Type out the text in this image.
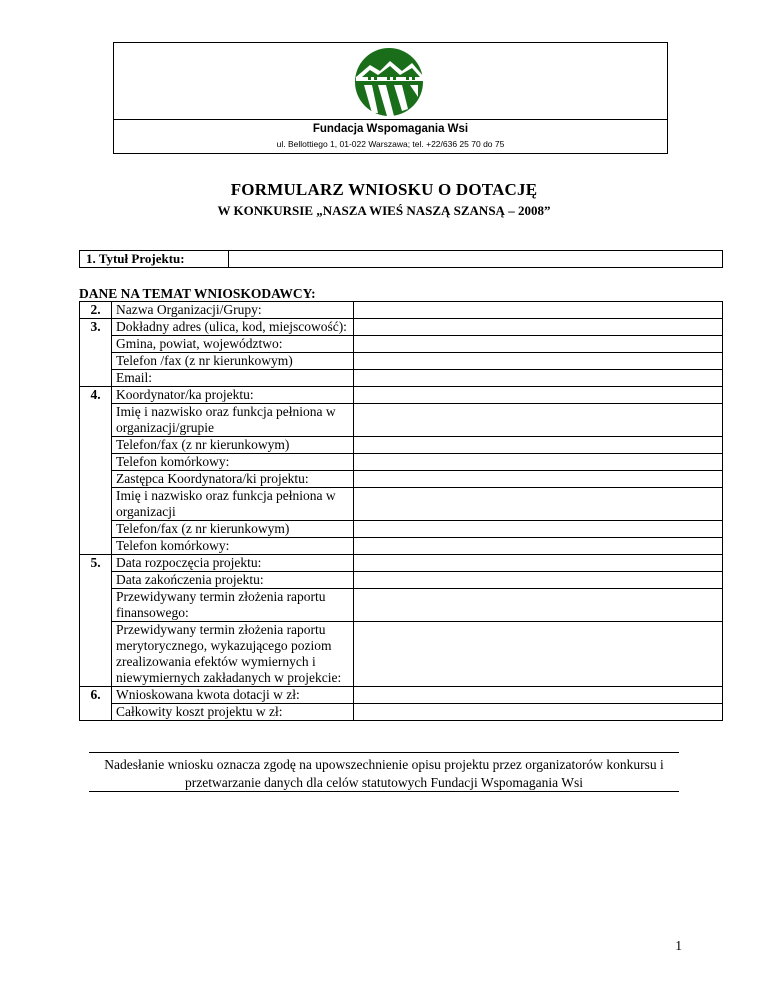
Fundacja Wspomagania Wsi
ul. Bellottiego 1, 01-022 Warszawa; tel. +22/636 25 70 do 75
FORMULARZ WNIOSKU O DOTACJĘ
W KONKURSIE „NASZA WIEŚ NASZĄ SZANSĄ – 2008”
1. Tytuł Projektu:
DANE NA TEMAT WNIOSKODAWCY:
2.	Nazwa Organizacji/Grupy:	
3.	Dokładny adres (ulica, kod, miejscowość):	
	Gmina, powiat, województwo:	
	Telefon /fax (z nr kierunkowym)	
	Email:	
4.	Koordynator/ka projektu:	
	Imię i nazwisko oraz funkcja pełniona w organizacji/grupie	
	Telefon/fax (z nr kierunkowym)	
	Telefon komórkowy:	
	Zastępca Koordynatora/ki projektu:	
	Imię i nazwisko oraz funkcja pełniona w organizacji	
	Telefon/fax (z nr kierunkowym)	
	Telefon komórkowy:	
5.	Data rozpoczęcia projektu:	
	Data zakończenia projektu:	
	Przewidywany termin złożenia raportu finansowego:	
	Przewidywany termin złożenia raportu merytorycznego, wykazującego poziom zrealizowania efektów wymiernych i niewymiernych zakładanych w projekcie:	
6.	Wnioskowana kwota dotacji w zł:	
	Całkowity koszt projektu w zł:	
Nadesłanie wniosku oznacza zgodę na upowszechnienie opisu projektu przez organizatorów konkursu i przetwarzanie danych dla celów statutowych Fundacji Wspomagania Wsi
1
